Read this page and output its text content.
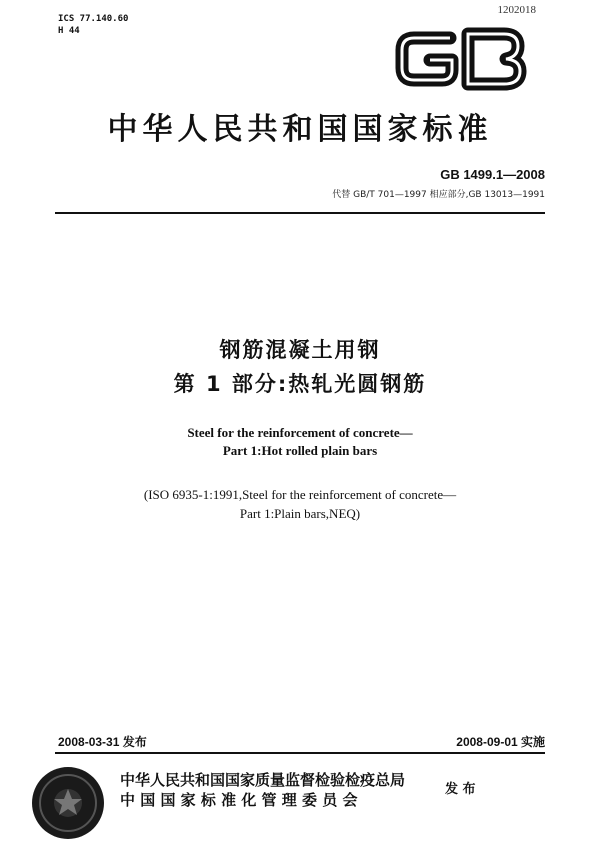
ICS 77.140.60
H 44
1202018
中华人民共和国国家标准
GB 1499.1—2008
代替 GB/T 701—1997 相应部分,GB 13013—1991
钢筋混凝土用钢
第 1 部分:热轧光圆钢筋
Steel for the reinforcement of concrete—
Part 1:Hot rolled plain bars
(ISO 6935-1:1991,Steel for the reinforcement of concrete—
Part 1:Plain bars,NEQ)
2008-03-31 发布	2008-09-01 实施
中华人民共和国国家质量监督检验检疫总局
中 国 国 家 标 准 化 管 理 委 员 会
发 布
